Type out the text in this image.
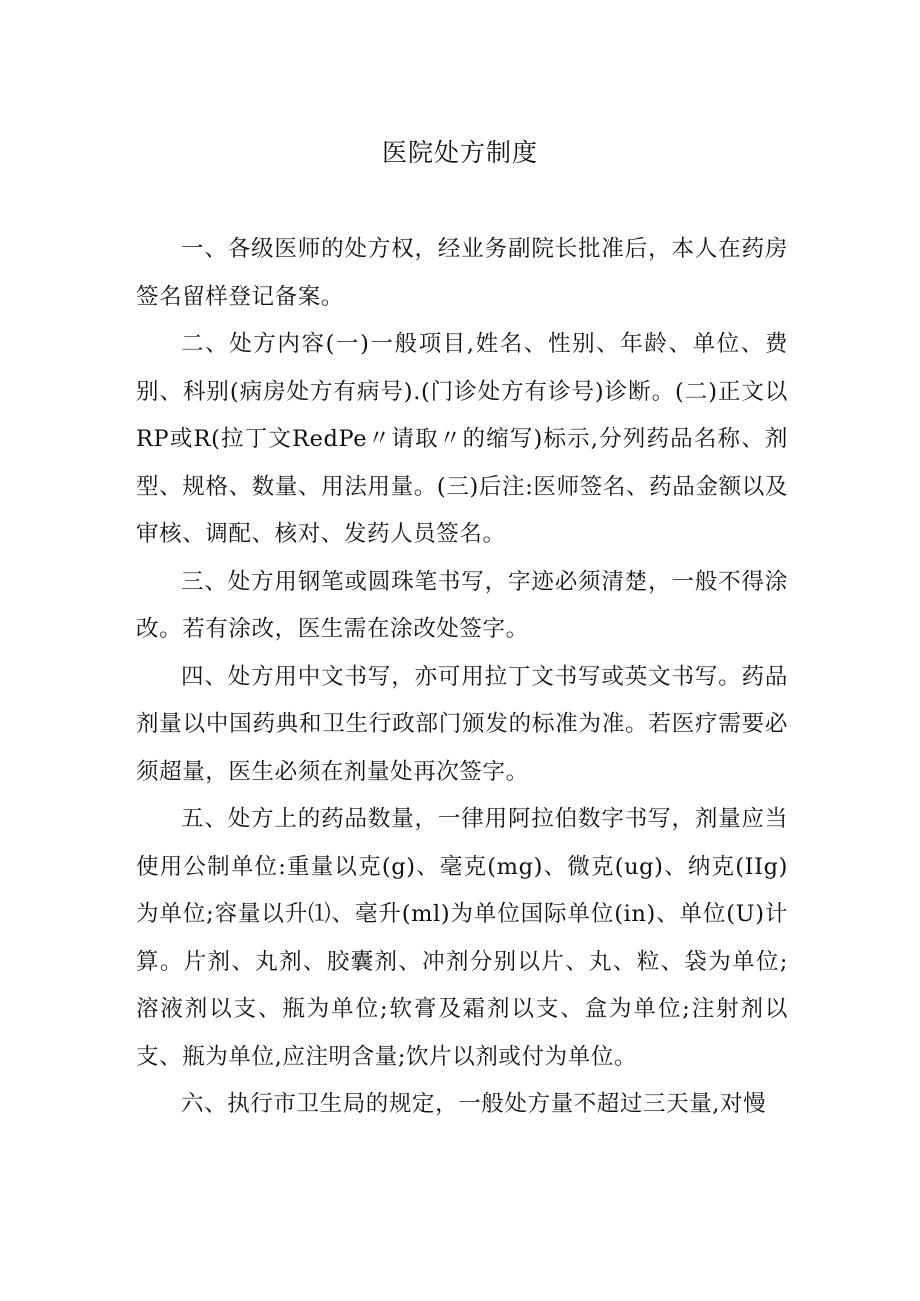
医院处方制度

一、各级医师的处方权，经业务副院长批准后，本人在药房签名留样登记备案。

二、处方内容(一)一般项目,姓名、性别、年龄、单位、费别、科别(病房处方有病号).(门诊处方有诊号)诊断。(二)正文以RP或R(拉丁文RedPe〃请取〃的缩写)标示,分列药品名称、剂型、规格、数量、用法用量。(三)后注:医师签名、药品金额以及审核、调配、核对、发药人员签名。

三、处方用钢笔或圆珠笔书写，字迹必须清楚，一般不得涂改。若有涂改，医生需在涂改处签字。

四、处方用中文书写，亦可用拉丁文书写或英文书写。药品剂量以中国药典和卫生行政部门颁发的标准为准。若医疗需要必须超量，医生必须在剂量处再次签字。

五、处方上的药品数量，一律用阿拉伯数字书写，剂量应当使用公制单位:重量以克(g)、毫克(mg)、微克(ug)、纳克(IIg)为单位;容量以升⑴、毫升(ml)为单位国际单位(in)、单位(U)计算。片剂、丸剂、胶囊剂、冲剂分别以片、丸、粒、袋为单位;溶液剂以支、瓶为单位;软膏及霜剂以支、盒为单位;注射剂以支、瓶为单位,应注明含量;饮片以剂或付为单位。

六、执行市卫生局的规定，一般处方量不超过三天量,对慢
